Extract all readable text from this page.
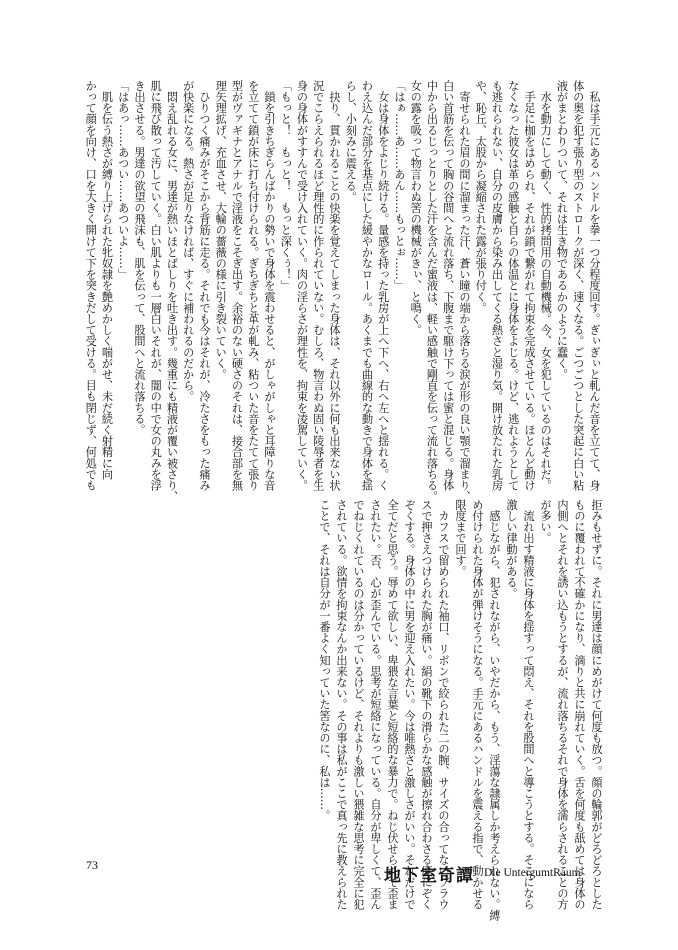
　私は手元にあるハンドルを拳一つ分程度回す。ぎぃぎぃと軋んだ音を立てて、身
体の奥を犯す張り型のストロークが深く、速くなる。ごつごつとした突起に白い粘
液がまとわりついて、それは生き物であるかのように蠢く。
　水を動力にして動く、性的拷問用の自動機械。今、女を犯しているのはそれだ。
　手足に枷をはめられ、それが鎖で繋がれて拘束を完成させている。ほとんど動け
なくなった彼女は革の感触と自らの体温とに身体をよじる。けど、逃れようとして
も逃れられない、自分の皮膚から染み出してくる熱さと湿り気。開け放たれた乳房
や、恥丘、太股から凝縮された露が張り付く。
　寄せられた眉の間に溜まった汗、蒼い瞳の端から落ちる涙が形の良い顎で溜まり、
白い首筋を伝って胸の谷間へと流れ落ち、下腹まで駆け下っては蜜と混じる。身体
中から出るじっとりとした汗を含んだ蜜液は、軽い感触で剛直を伝って流れ落ちる。
女の露を吸って物言わぬ筈の機械がきぃ、と鳴く。
「はぁ……あ……あん……もっとぉ……」
　女は身体をよじり続ける。量感を持った乳房が上へ下へ、右へ左へと揺れる。く
わえ込んだ部分を基点にした緩やかなロール。あくまでも曲線的な動きで身体を揺
らし、小刻みに震える。
　抉り、貫かれることの快楽を覚えてしまった身体は、それ以外に何も出来ない状
況でこらえられるほど理性的に作られていない。むしろ、物言わぬ固い陵辱者を生
身の身体がすすんで受け入れていく。肉の淫らさが理性を、拘束を凌駕していく。
「もっと！　もっと！　もっと深くぅ！」
　鎖を引きちぎらんばかりの勢いで身体を震わせると、がしゃがしゃと耳障りな音
を立てて鎖が床に打ち付けられる。ぎちぎちと革が軋み、粘ついた音をたてて張り
型がヴァギナとアナルで淫液をこそぎ出す。余裕のない硬さのそれは、接合部を無
理矢理拡げ、充血させ、大輪の薔薇の様に引き裂いていく。
　ひりつく痛みがそこから背筋に走る。それでも今はそれが、冷たさをもった痛み
が快楽になる。熱さが足りなければ、すぐに補われるのだから。
　悶え乱れる女に、男達が熱いほとばしりを吐き出す。幾重にも精液が覆い被さり、
肌に飛び散って汚していく。白い肌よりも一層白いそれが、闇の中で女の丸みを浮
き出させる。男達の欲望の飛沫も、肌を伝って、股間へと流れ落ちる。
「はあっ……あつい……あついよ……」
　肌を伝う熱さが縛り上げられた牝奴隷を艶めかしく喘がせ、未だ続く射精に向
かって顔を向け、口を大きく開けて下を突きだして受ける。目も閉じず、何処でも
拒みもせずに。それに男達は顔にめがけて何度も放つ。顔の輪郭がどろどろとした
ものに覆われて不確かになり、滴りと共に崩れていく。舌を何度も舐めては身体の
内側へとそれを誘い込もうとするが、流れ落ちるそれで身体を濡らされることの方
が多い。
　流れ出す精液に身体を揺すって悶え、それを股間へと導こうとする。そこになら
激しい律動がある。
　感じながら、犯されながら、いやだから、もう、淫蕩な隷属しか考えられない。縛
め付けられた身体が弾けそうになる。手元にあるハンドルを震える指で、動かせる
限度まで回す。
　カフスで留められた袖口、リボンで絞られた二の腕、サイズの合ってないブラウ
スで押さえつけられた胸が痛い。絹の靴下の滑らかな感触が擦れ合わさる度にぞく
ぞくする。身体の中に男を迎え入れたい。今は唯熱さと激しさがいい。それだけで
全てだと思う。辱めて欲しい、卑猥な言葉と短絡的な暴力で。ねじ伏せられて歪ま
されたい。否、心が歪んでいる。思考が短絡になっている。自分が卑しくて、歪ん
でねじくれているのは分かっているけど、それよりも激しい猥雑な思考に完全に犯
されている。欲情を拘束なんか出来ない。その事は私がここで真っ先に教えられた
ことで、それは自分が一番よく知っていた筈なのに、私は……。
73
地下室奇譚 Die UntergumtRaum
